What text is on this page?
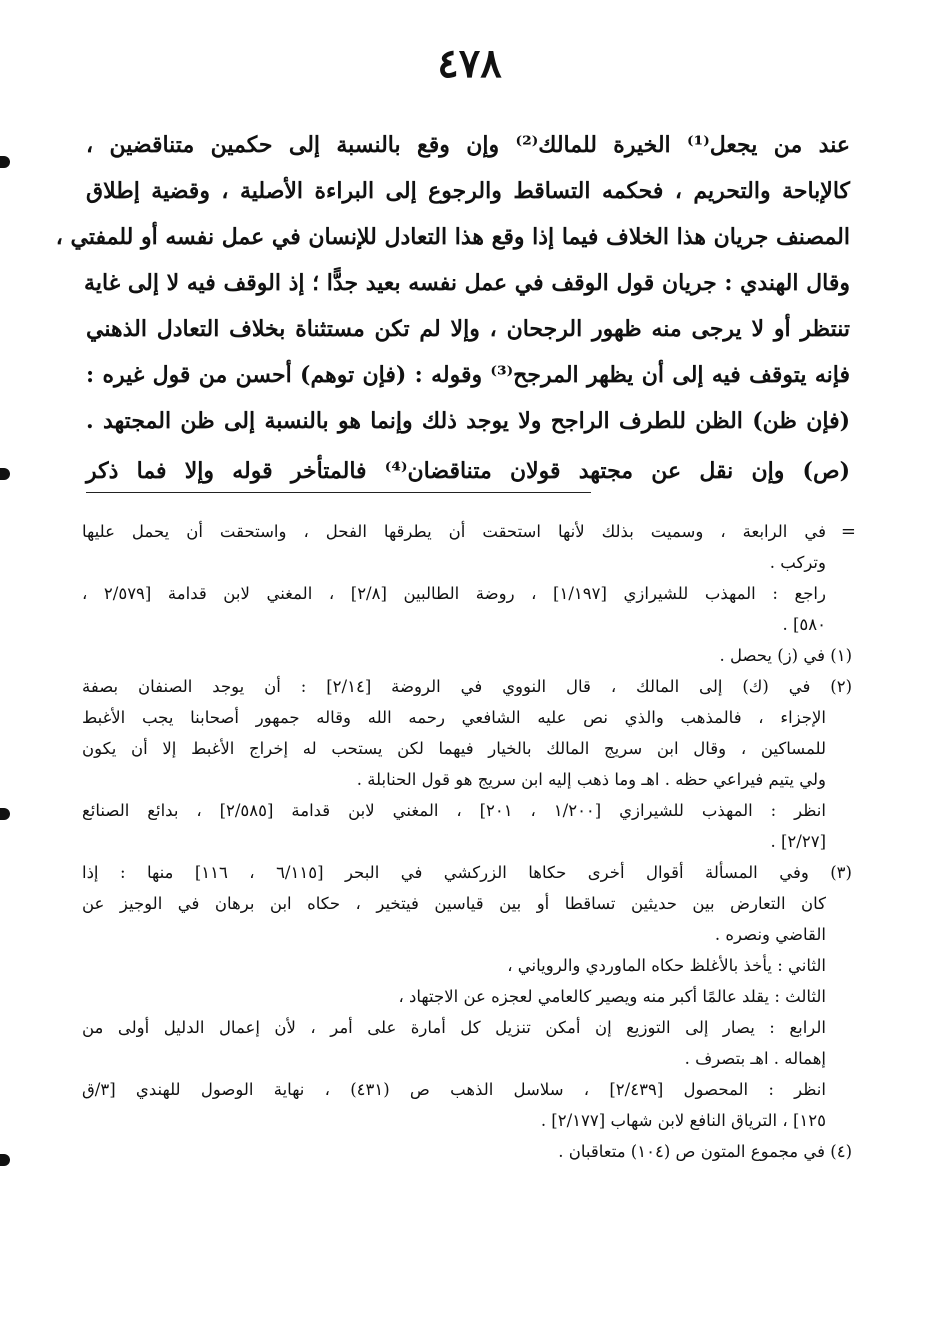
٤٧٨
عند من يجعل⁽¹⁾ الخيرة للمالك⁽²⁾ وإن وقع بالنسبة إلى حكمين متناقضين ،
كالإباحة والتحريم ، فحكمه التساقط والرجوع إلى البراءة الأصلية ، وقضية إطلاق
المصنف جريان هذا الخلاف فيما إذا وقع هذا التعادل للإنسان في عمل نفسه أو للمفتي ،
وقال الهندي : جريان قول الوقف في عمل نفسه بعيد جدًّا ؛ إذ الوقف فيه لا إلى غاية
تنتظر أو لا يرجى منه ظهور الرجحان ، وإلا لم تكن مستثناة بخلاف التعادل الذهني
فإنه يتوقف فيه إلى أن يظهر المرجح⁽³⁾ وقوله : (فإن توهم) أحسن من قول غيره :
(فإن ظن) الظن للطرف الراجح ولا يوجد ذلك وإنما هو بالنسبة إلى ظن المجتهد .
(ص) وإن نقل عن مجتهد قولان متناقضان⁽⁴⁾ فالمتأخر قوله وإلا فما ذكر
في الرابعة ، وسميت بذلك لأنها استحقت أن يطرقها الفحل ، واستحقت أن يحمل عليها =
وتركب .
راجع : المهذب للشيرازي [١/١٩٧] ، روضة الطالبين [٢/٨] ، المغني لابن قدامة [٢/٥٧٩ ،
٥٨٠] .
(١) في (ز) يحصل .
(٢) في (ك) إلى المالك ، قال النووي في الروضة [٢/١٤] : أن يوجد الصنفان بصفة
الإجزاء ، فالمذهب والذي نص عليه الشافعي رحمه الله وقاله جمهور أصحابنا يجب الأغبط
للمساكين ، وقال ابن سريج المالك بالخيار فيهما لكن يستحب له إخراج الأغبط إلا أن يكون
ولي يتيم فيراعي حظه . اهـ وما ذهب إليه ابن سريج هو قول الحنابلة .
انظر : المهذب للشيرازي [١/٢٠٠ ، ٢٠١] ، المغني لابن قدامة [٢/٥٨٥] ، بدائع الصنائع
[٢/٢٧] .
(٣) وفي المسألة أقوال أخرى حكاها الزركشي في البحر [٦/١١٥ ، ١١٦] منها : إذا
كان التعارض بين حديثين تساقطا أو بين قياسين فيتخير ، حكاه ابن برهان في الوجيز عن
القاضي ونصره .
الثاني : يأخذ بالأغلظ حكاه الماوردي والروياني ،
الثالث : يقلد عالمًا أكبر منه ويصير كالعامي لعجزه عن الاجتهاد ،
الرابع : يصار إلى التوزيع إن أمكن تنزيل كل أمارة على أمر ، لأن إعمال الدليل أولى من
إهماله . اهـ بتصرف .
انظر : المحصول [٢/٤٣٩] ، سلاسل الذهب ص (٤٣١) ، نهاية الوصول للهندي [٣/ق
١٢٥] ، الترياق النافع لابن شهاب [٢/١٧٧] .
(٤) في مجموع المتون ص (١٠٤) متعاقبان .
